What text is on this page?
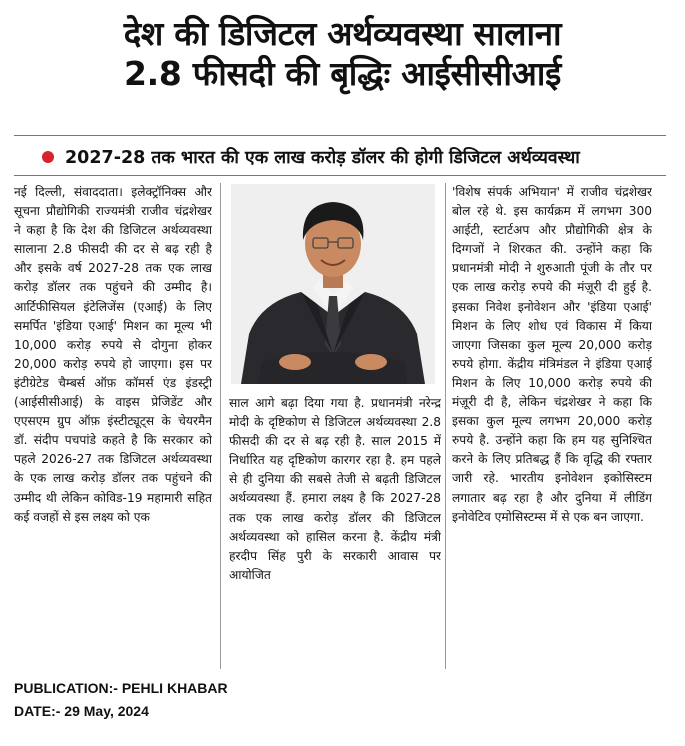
देश की डिजिटल अर्थव्यवस्था सालाना
2.8 फीसदी की बृद्धिः आईसीसीआई
2027-28 तक भारत की एक लाख करोड़ डॉलर की होगी डिजिटल अर्थव्यवस्था
नई दिल्ली, संवाददाता। इलेक्ट्रॉनिक्स और सूचना प्रौद्योगिकी राज्यमंत्री राजीव चंद्रशेखर ने कहा है कि देश की डिजिटल अर्थव्यवस्था सालाना 2.8 फीसदी की दर से बढ़ रही है और इसके वर्ष 2027-28 तक एक लाख करोड़ डॉलर तक पहुंचने की उम्मीद है। आर्टिफीसियल इंटेलिजेंस (एआई) के लिए समर्पित 'इंडिया एआई' मिशन का मूल्य भी 10,000 करोड़ रुपये से दोगुना होकर 20,000 करोड़ रुपये हो जाएगा। इस पर इंटीग्रेटेड चैम्बर्स ऑफ़ कॉमर्स एंड इंडस्ट्री (आईसीसीआई) के वाइस प्रेजिडेंट और एएसएम ग्रुप ऑफ़ इंस्टीट्यूट्स के चेयरमैन डॉ. संदीप पचपांडे कहते है कि सरकार को पहले 2026-27 तक डिजिटल अर्थव्यवस्था के एक लाख करोड़ डॉलर तक पहुंचने की उम्मीद थी लेकिन कोविड-19 महामारी सहित कई वजहों से इस लक्ष्य को एक
साल आगे बढ़ा दिया गया है. प्रधानमंत्री नरेन्द्र मोदी के दृष्टिकोण से डिजिटल अर्थव्यवस्था 2.8 फीसदी की दर से बढ़ रही है. साल 2015 में निर्धारित यह दृष्टिकोण कारगर रहा है. हम पहले से ही दुनिया की सबसे तेजी से बढ़ती डिजिटल अर्थव्यवस्था हैं. हमारा लक्ष्य है कि 2027-28 तक एक लाख करोड़ डॉलर की डिजिटल अर्थव्यवस्था को हासिल करना है. केंद्रीय मंत्री हरदीप सिंह पुरी के सरकारी आवास पर आयोजित
'विशेष संपर्क अभियान' में राजीव चंद्रशेखर बोल रहे थे. इस कार्यक्रम में लगभग 300 आईटी, स्टार्टअप और प्रौद्योगिकी क्षेत्र के दिग्गजों ने शिरकत की. उन्होंने कहा कि प्रधानमंत्री मोदी ने शुरुआती पूंजी के तौर पर एक लाख करोड़ रुपये की मंज़ूरी दी हुई है. इसका निवेश इनोवेशन और 'इंडिया एआई' मिशन के लिए शोध एवं विकास में किया जाएगा जिसका कुल मूल्य 20,000 करोड़ रुपये होगा. केंद्रीय मंत्रिमंडल ने इंडिया एआई मिशन के लिए 10,000 करोड़ रुपये की मंज़ूरी दी है, लेकिन चंद्रशेखर ने कहा कि इसका कुल मूल्य लगभग 20,000 करोड़ रुपये है. उन्होंने कहा कि हम यह सुनिश्चित करने के लिए प्रतिबद्ध हैं कि वृद्धि की रफ्तार जारी रहे. भारतीय इनोवेशन इकोसिस्टम लगातार बढ़ रहा है और दुनिया में लीडिंग इनोवेटिव एमोसिस्टम्स में से एक बन जाएगा.
PUBLICATION:- PEHLI KHABAR
DATE:- 29 May, 2024
